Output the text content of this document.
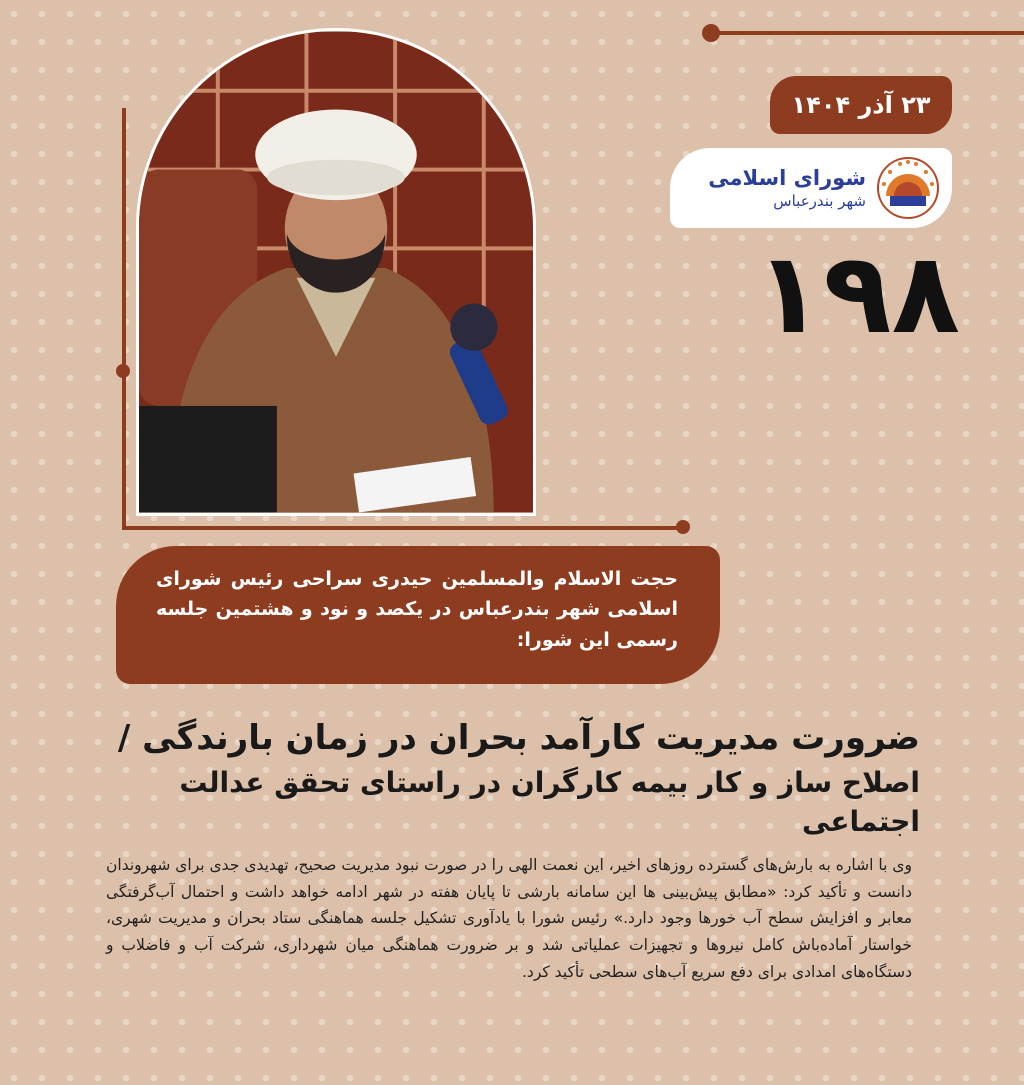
۲۳ آذر ۱۴۰۴
شورای اسلامی
شهر بندرعباس
۱۹۸
حجت الاسلام والمسلمین حیدری سراحی رئیس شورای اسلامی شهر بندرعباس در یکصد و نود و هشتمین جلسه رسمی این شورا:
ضرورت مدیریت کارآمد بحران در زمان بارندگی /
اصلاح ساز و کار بیمه کارگران در راستای تحقق عدالت اجتماعی
وی با اشاره به بارش‌های گسترده روزهای اخیر، این نعمت الهی را در صورت نبود مدیریت صحیح، تهدیدی جدی برای شهروندان دانست و تأکید کرد: «مطابق پیش‌بینی ها این سامانه بارشی تا پایان هفته در شهر ادامه خواهد داشت و احتمال آب‌گرفتگی معابر و افزایش سطح آب خورها وجود دارد.» رئیس شورا با یادآوری تشکیل جلسه هماهنگی ستاد بحران و مدیریت شهری، خواستار آماده‌باش کامل نیروها و تجهیزات عملیاتی شد و بر ضرورت هماهنگی میان شهرداری، شرکت آب و فاضلاب و دستگاه‌های امدادی برای دفع سریع آب‌های سطحی تأکید کرد.
